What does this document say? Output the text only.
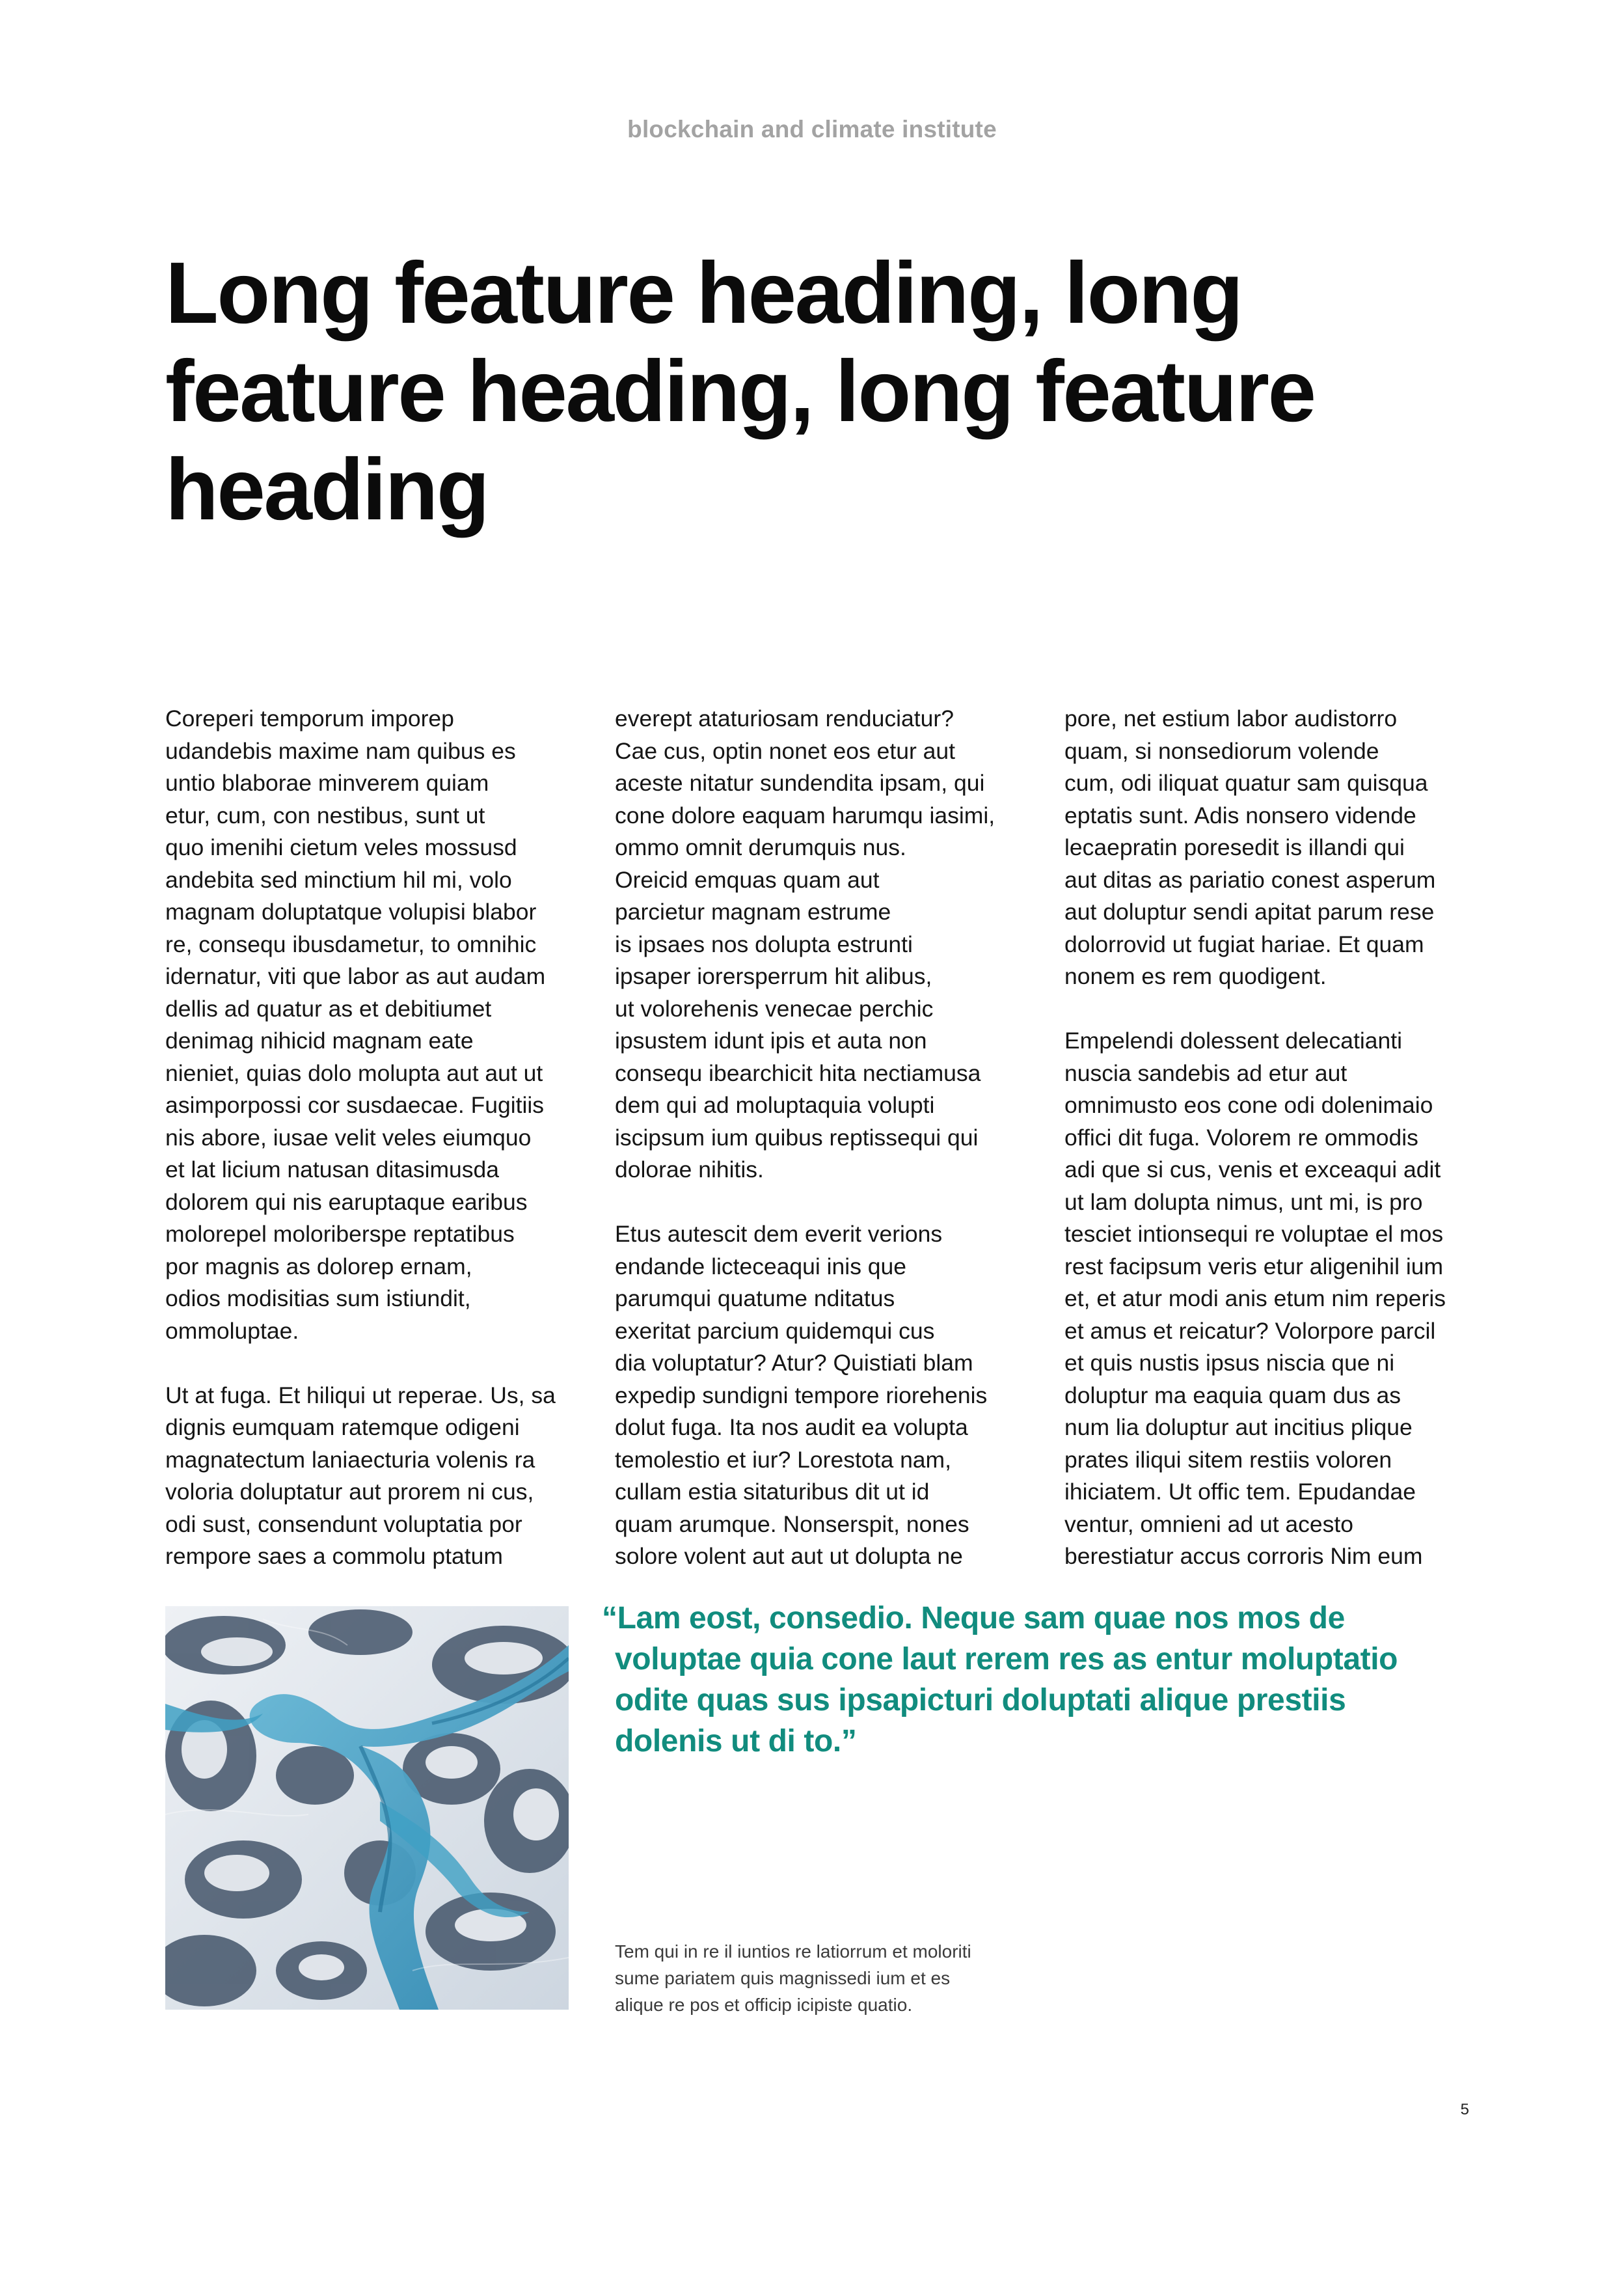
blockchain and climate institute
Long feature heading, long
feature heading, long feature
heading

Coreperi temporum imporep
udandebis maxime nam quibus es
untio blaborae minverem quiam
etur, cum, con nestibus, sunt ut
quo imenihi cietum veles mossusd
andebita sed minctium hil mi, volo
magnam doluptatque volupisi blabor
re, consequ ibusdametur, to omnihic
idernatur, viti que labor as aut audam
dellis ad quatur as et debitiumet
denimag nihicid magnam eate
nieniet, quias dolo molupta aut aut ut
asimporpossi cor susdaecae. Fugitiis
nis abore, iusae velit veles eiumquo
et lat licium natusan ditasimusda
dolorem qui nis earuptaque earibus
molorepel moloriberspe reptatibus
por magnis as dolorep ernam,
odios modisitias sum istiundit,
ommoluptae.

Ut at fuga. Et hiliqui ut reperae. Us, sa
dignis eumquam ratemque odigeni
magnatectum laniaecturia volenis ra
voloria doluptatur aut prorem ni cus,
odi sust, consendunt voluptatia por
rempore saes a commolu ptatum

everept ataturiosam renduciatur?
Cae cus, optin nonet eos etur aut
aceste nitatur sundendita ipsam, qui
cone dolore eaquam harumqu iasimi,
ommo omnit derumquis nus.
Oreicid emquas quam aut
parcietur magnam estrume
is ipsaes nos dolupta estrunti
ipsaper iorersperrum hit alibus,
ut volorehenis venecae perchic
ipsustem idunt ipis et auta non
consequ ibearchicit hita nectiamusa
dem qui ad moluptaquia volupti
iscipsum ium quibus reptissequi qui
dolorae nihitis.

Etus autescit dem everit verions
endande licteceaqui inis que
parumqui quatume nditatus
exeritat parcium quidemqui cus
dia voluptatur? Atur? Quistiati blam
expedip sundigni tempore riorehenis
dolut fuga. Ita nos audit ea volupta
temolestio et iur? Lorestota nam,
cullam estia sitaturibus dit ut id
quam arumque. Nonserspit, nones
solore volent aut aut ut dolupta ne

pore, net estium labor audistorro
quam, si nonsediorum volende
cum, odi iliquat quatur sam quisqua
eptatis sunt. Adis nonsero vidende
lecaepratin poresedit is illandi qui
aut ditas as pariatio conest asperum
aut doluptur sendi apitat parum rese
dolorrovid ut fugiat hariae. Et quam
nonem es rem quodigent.

Empelendi dolessent delecatianti
nuscia sandebis ad etur aut
omnimusto eos cone odi dolenimaio
offici dit fuga. Volorem re ommodis
adi que si cus, venis et exceaqui adit
ut lam dolupta nimus, unt mi, is pro
tesciet intionsequi re voluptae el mos
rest facipsum veris etur aligenihil ium
et, et atur modi anis etum nim reperis
et amus et reicatur? Volorpore parcil
et quis nustis ipsus niscia que ni
doluptur ma eaquia quam dus as
num lia doluptur aut incitius plique
prates iliqui sitem restiis voloren
ihiciatem. Ut offic tem. Epudandae
ventur, omnieni ad ut acesto
berestiatur accus corroris Nim eum

“Lam eost, consedio. Neque sam quae nos mos de
voluptae quia cone laut rerem res as entur moluptatio
odite quas sus ipsapicturi doluptati alique prestiis
dolenis ut di to.”
Tem qui in re il iuntios re latiorrum et moloriti
sume pariatem quis magnissedi ium et es
alique re pos et officip icipiste quatio.
5
